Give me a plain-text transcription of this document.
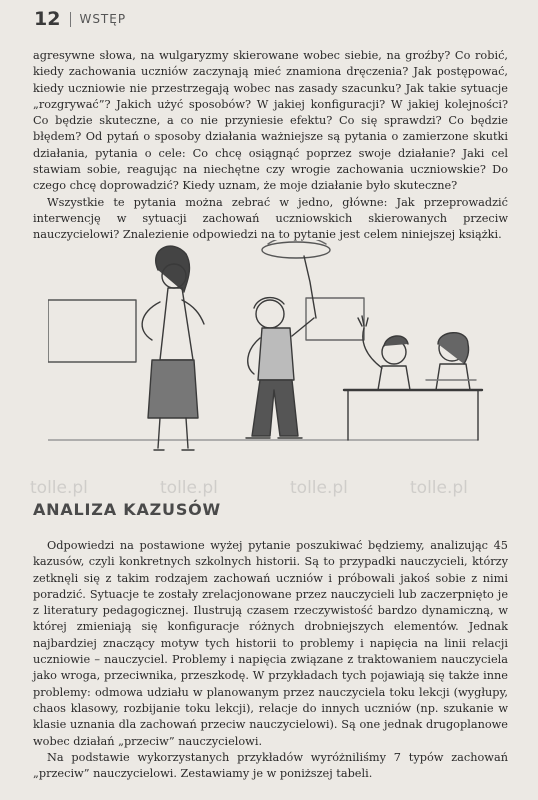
12 WSTĘP

agresywne słowa, na wulgaryzmy skierowane wobec siebie, na groźby? Co robić, kiedy zachowania uczniów zaczynają mieć znamiona dręczenia? Jak postępować, kiedy uczniowie nie przestrzegają wobec nas zasady szacunku? Jak takie sytuacje „rozgrywać”? Jakich użyć sposobów? W jakiej konfiguracji? W jakiej kolejności? Co będzie skuteczne, a co nie przyniesie efektu? Co się sprawdzi? Co będzie błędem? Od pytań o sposoby działania ważniejsze są pytania o zamierzone skutki działania, pytania o cele: Co chcę osiągnąć poprzez swoje działanie? Jaki cel stawiam sobie, reagując na niechętne czy wrogie zachowania uczniowskie? Do czego chcę doprowadzić? Kiedy uznam, że moje działanie było skuteczne?

Wszystkie te pytania można zebrać w jedno, główne: Jak przeprowadzić interwencję w sytuacji zachowań uczniowskich skierowanych przeciw nauczycielowi? Znalezienie odpowiedzi na to pytanie jest celem niniejszej książki.

tolle.pl	tolle.pl	tolle.pl	tolle.pl
ANALIZA KAZUSÓW

Odpowiedzi na postawione wyżej pytanie poszukiwać będziemy, analizując 45 kazusów, czyli konkretnych szkolnych historii. Są to przypadki nauczycieli, którzy zetknęli się z takim rodzajem zachowań uczniów i próbowali jakoś sobie z nimi poradzić. Sytuacje te zostały zrelacjonowane przez nauczycieli lub zaczerpnięto je z literatury pedagogicznej. Ilustrują czasem rzeczywistość bardzo dynamiczną, w której zmieniają się konfiguracje różnych drobniejszych elementów. Jednak najbardziej znaczący motyw tych historii to problemy i napięcia na linii relacji uczniowie – nauczyciel. Problemy i napięcia związane z traktowaniem nauczyciela jako wroga, przeciwnika, przeszkodę. W przykładach tych pojawiają się także inne problemy: odmowa udziału w planowanym przez nauczyciela toku lekcji (wygłupy, chaos klasowy, rozbijanie toku lekcji), relacje do innych uczniów (np. szukanie w klasie uznania dla zachowań przeciw nauczycielowi). Są one jednak drugoplanowe wobec działań „przeciw” nauczycielowi.

Na podstawie wykorzystanych przykładów wyróżniliśmy 7 typów zachowań „przeciw” nauczycielowi. Zestawiamy je w poniższej tabeli.
